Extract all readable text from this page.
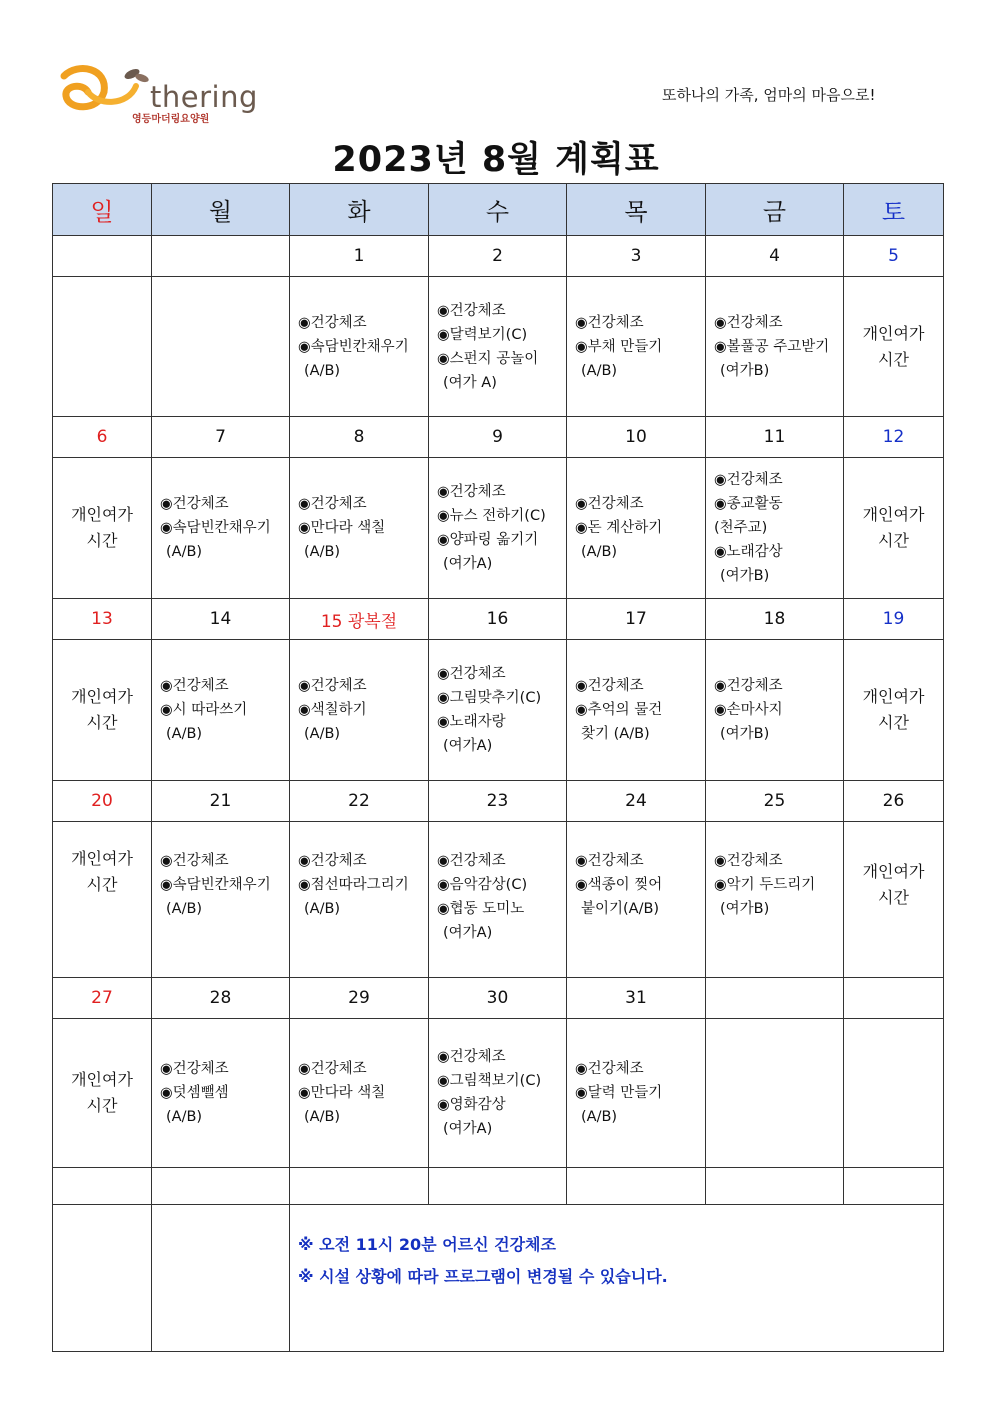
thering
영등마더링요양원
또하나의 가족, 엄마의 마음으로!
2023년 8월 계획표
일	월	화	수	목	금	토
		1	2	3	4	5

		◉건강체조
◉속담빈칸채우기
(A/B)	◉건강체조
◉달력보기(C)
◉스펀지 공놀이
(여가 A)	◉건강체조
◉부채 만들기
(A/B)	◉건강체조
◉볼풀공 주고받기
(여가B)	개인여가
시간

6	7	8	9	10	11	12

개인여가
시간	◉건강체조
◉속담빈칸채우기
(A/B)	◉건강체조
◉만다라 색칠
(A/B)	◉건강체조
◉뉴스 전하기(C)
◉양파링 옮기기
(여가A)	◉건강체조
◉돈 계산하기
(A/B)	◉건강체조
◉종교활동
(천주교)
◉노래감상
(여가B)	개인여가
시간

13	14	15 광복절	16	17	18	19

개인여가
시간	◉건강체조
◉시 따라쓰기
(A/B)	◉건강체조
◉색칠하기
(A/B)	◉건강체조
◉그림맞추기(C)
◉노래자랑
(여가A)	◉건강체조
◉추억의 물건
찾기 (A/B)	◉건강체조
◉손마사지
(여가B)	개인여가
시간

20	21	22	23	24	25	26

개인여가
시간	◉건강체조
◉속담빈칸채우기
(A/B)	◉건강체조
◉점선따라그리기
(A/B)	◉건강체조
◉음악감상(C)
◉협동 도미노
(여가A)	◉건강체조
◉색종이 찢어
붙이기(A/B)	◉건강체조
◉악기 두드리기
(여가B)	개인여가
시간

27	28	29	30	31		

개인여가
시간	◉건강체조
◉덧셈뺄셈
(A/B)	◉건강체조
◉만다라 색칠
(A/B)	◉건강체조
◉그림책보기(C)
◉영화감상
(여가A)	◉건강체조
◉달력 만들기
(A/B)		

		※ 오전 11시 20분 어르신 건강체조
※ 시설 상황에 따라 프로그램이 변경될 수 있습니다.				
